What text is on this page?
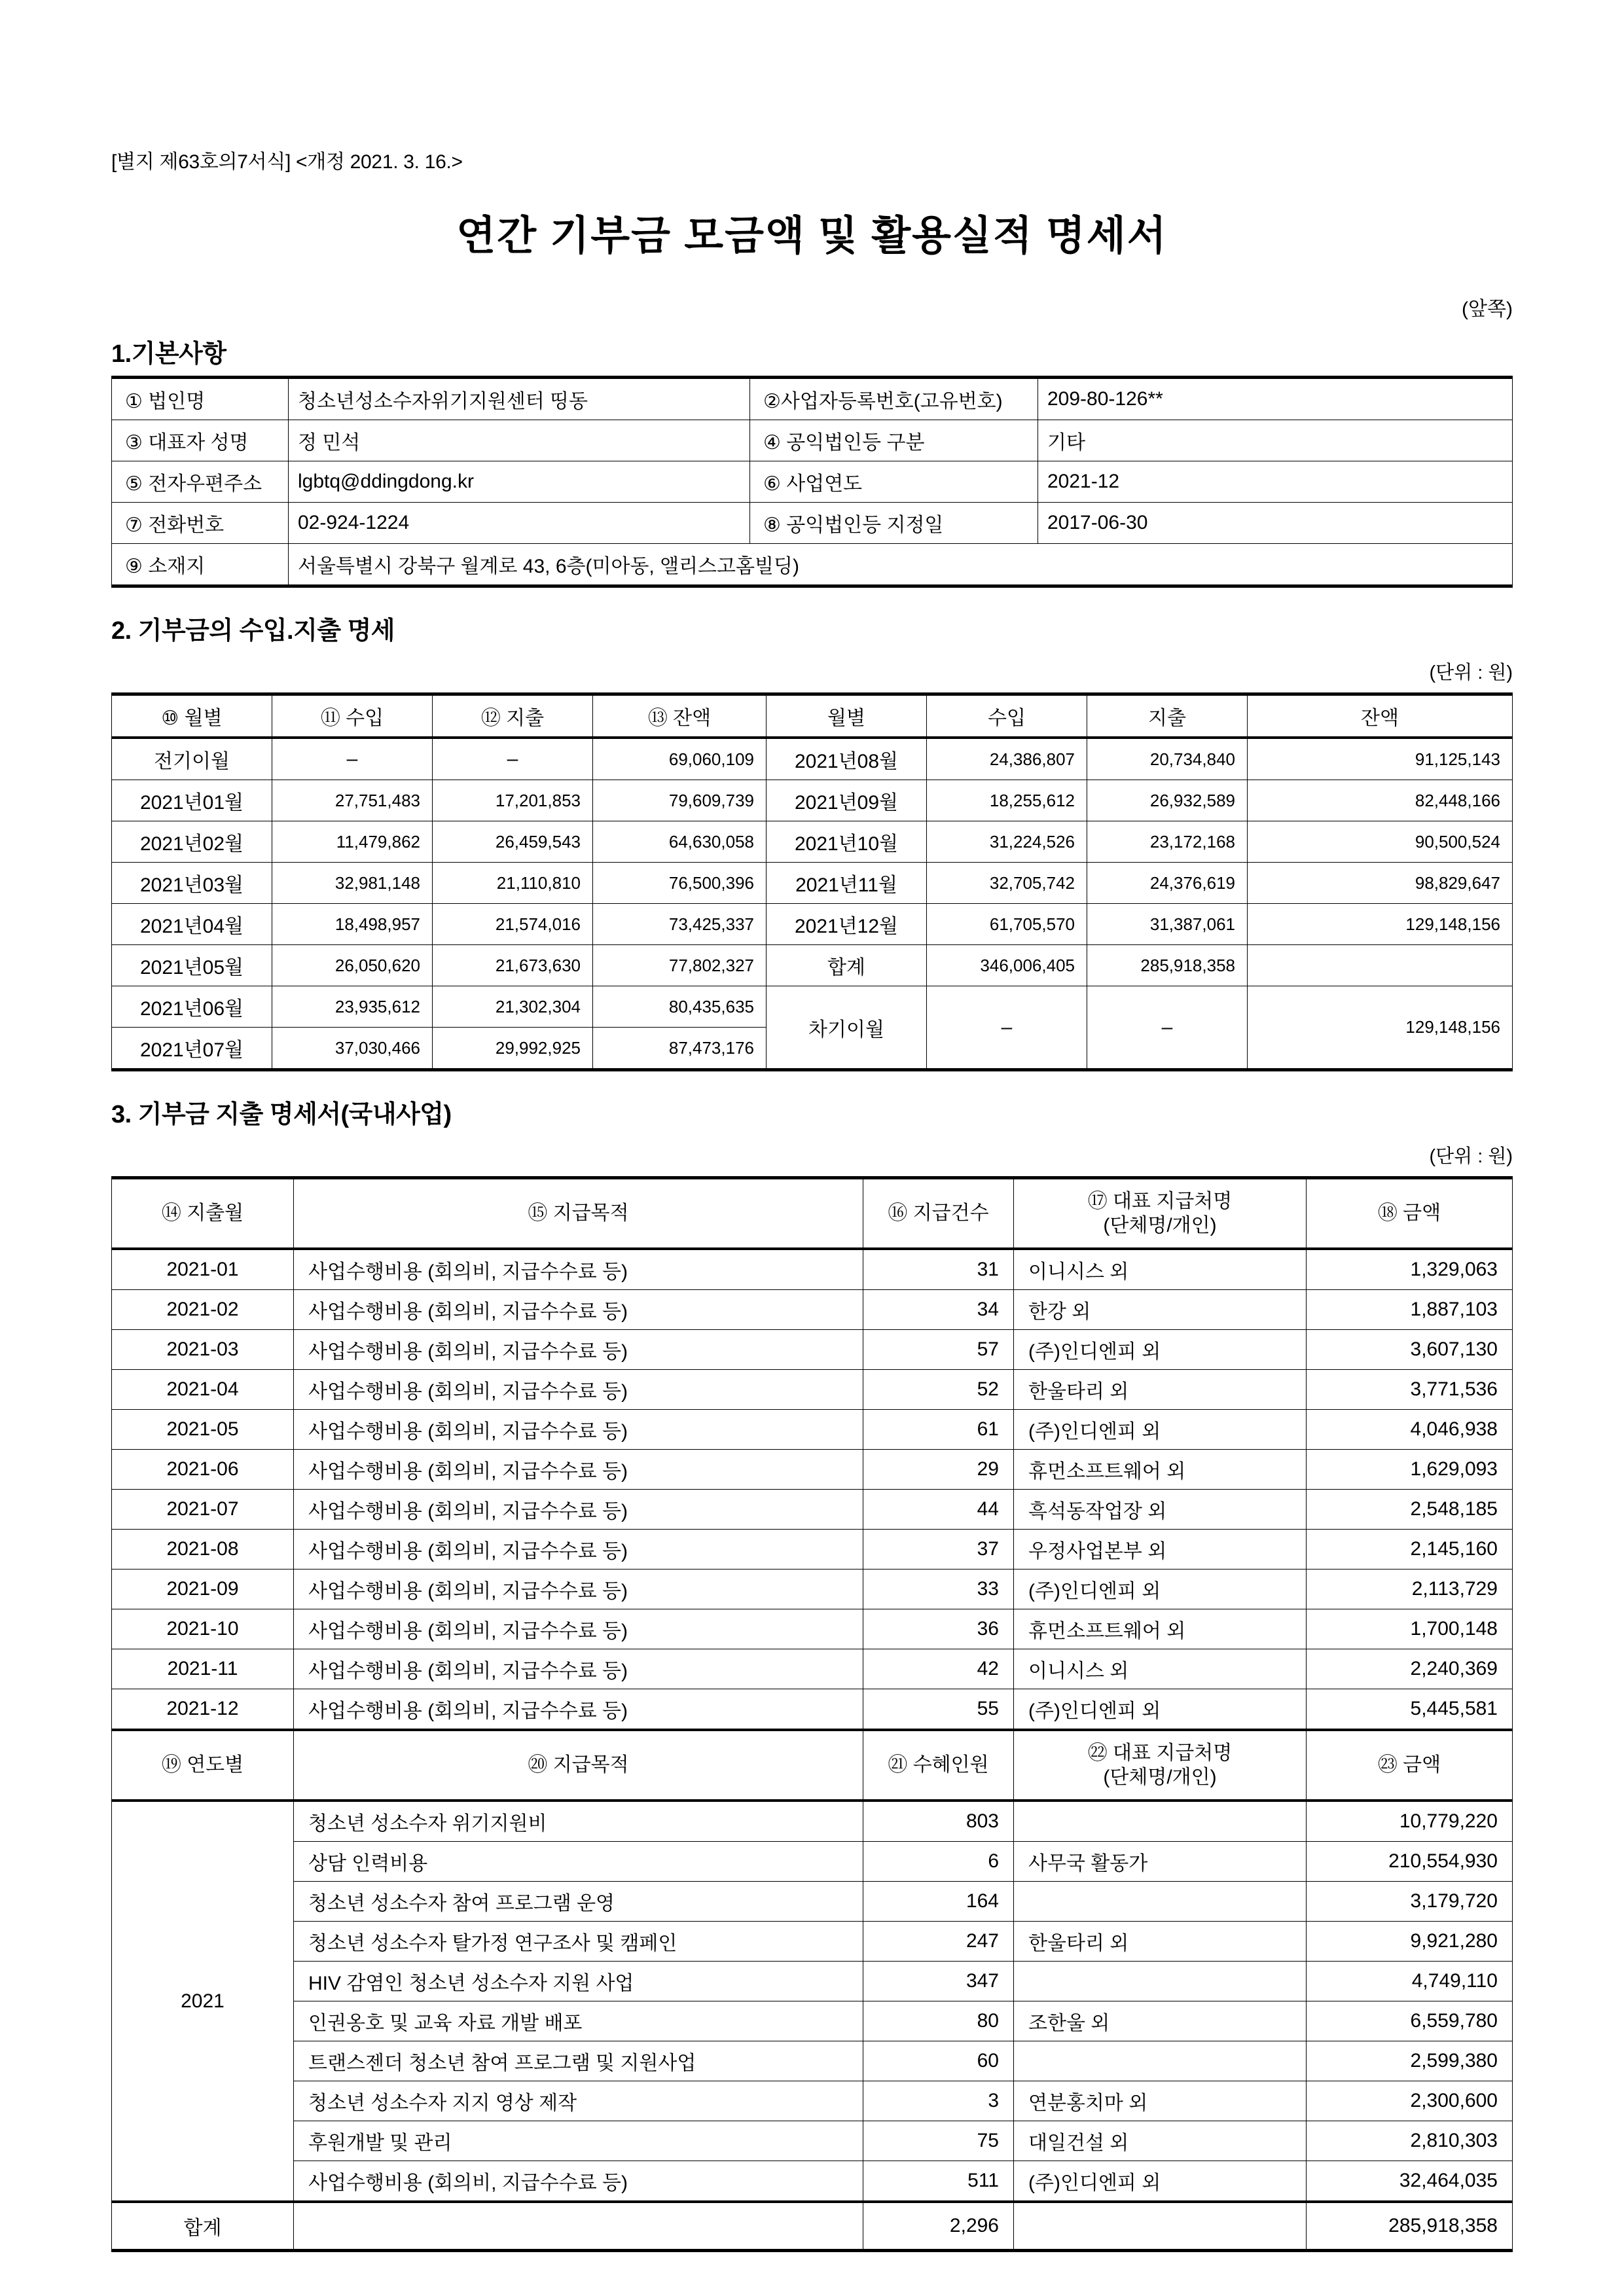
[별지 제63호의7서식] <개정 2021. 3. 16.>
연간 기부금 모금액 및 활용실적 명세서
(앞쪽)
1.기본사항
① 법인명	청소년성소수자위기지원센터 띵동	②사업자등록번호(고유번호)	209-80-126**
③ 대표자 성명	정 민석	④ 공익법인등 구분	기타
⑤ 전자우편주소	lgbtq@ddingdong.kr	⑥ 사업연도	2021-12
⑦ 전화번호	02-924-1224	⑧ 공익법인등 지정일	2017-06-30
⑨ 소재지	서울특별시 강북구 월계로 43, 6층(미아동, 앨리스고홈빌딩)		
2. 기부금의 수입.지출 명세
(단위 : 원)
⑩ 월별	⑪ 수입	⑫ 지출	⑬ 잔액	월별	수입	지출	잔액
전기이월	–	–	69,060,109	2021년08월	24,386,807	20,734,840	91,125,143
2021년01월	27,751,483	17,201,853	79,609,739	2021년09월	18,255,612	26,932,589	82,448,166
2021년02월	11,479,862	26,459,543	64,630,058	2021년10월	31,224,526	23,172,168	90,500,524
2021년03월	32,981,148	21,110,810	76,500,396	2021년11월	32,705,742	24,376,619	98,829,647
2021년04월	18,498,957	21,574,016	73,425,337	2021년12월	61,705,570	31,387,061	129,148,156
2021년05월	26,050,620	21,673,630	77,802,327	합계	346,006,405	285,918,358	
2021년06월	23,935,612	21,302,304	80,435,635	차기이월	–	–	129,148,156
2021년07월	37,030,466	29,992,925	87,473,176				
3. 기부금 지출 명세서(국내사업)
(단위 : 원)
⑭ 지출월	⑮ 지급목적	⑯ 지급건수	⑰ 대표 지급처명
(단체명/개인)	⑱ 금액
2021-01	사업수행비용 (회의비, 지급수수료 등)	31	이니시스 외	1,329,063
2021-02	사업수행비용 (회의비, 지급수수료 등)	34	한강 외	1,887,103
2021-03	사업수행비용 (회의비, 지급수수료 등)	57	(주)인디엔피 외	3,607,130
2021-04	사업수행비용 (회의비, 지급수수료 등)	52	한울타리 외	3,771,536
2021-05	사업수행비용 (회의비, 지급수수료 등)	61	(주)인디엔피 외	4,046,938
2021-06	사업수행비용 (회의비, 지급수수료 등)	29	휴먼소프트웨어 외	1,629,093
2021-07	사업수행비용 (회의비, 지급수수료 등)	44	흑석동작업장 외	2,548,185
2021-08	사업수행비용 (회의비, 지급수수료 등)	37	우정사업본부 외	2,145,160
2021-09	사업수행비용 (회의비, 지급수수료 등)	33	(주)인디엔피 외	2,113,729
2021-10	사업수행비용 (회의비, 지급수수료 등)	36	휴먼소프트웨어 외	1,700,148
2021-11	사업수행비용 (회의비, 지급수수료 등)	42	이니시스 외	2,240,369
2021-12	사업수행비용 (회의비, 지급수수료 등)	55	(주)인디엔피 외	5,445,581
⑲ 연도별	⑳ 지급목적	㉑ 수혜인원	㉒ 대표 지급처명
(단체명/개인)	㉓ 금액
2021	청소년 성소수자 위기지원비	803		10,779,220
	상담 인력비용	6	사무국 활동가	210,554,930
	청소년 성소수자 참여 프로그램 운영	164		3,179,720
	청소년 성소수자 탈가정 연구조사 및 캠페인	247	한울타리 외	9,921,280
	HIV 감염인 청소년 성소수자 지원 사업	347		4,749,110
	인권옹호 및 교육 자료 개발 배포	80	조한울 외	6,559,780
	트랜스젠더 청소년 참여 프로그램 및 지원사업	60		2,599,380
	청소년 성소수자 지지 영상 제작	3	연분홍치마 외	2,300,600
	후원개발 및 관리	75	대일건설 외	2,810,303
	사업수행비용 (회의비, 지급수수료 등)	511	(주)인디엔피 외	32,464,035
합계		2,296		285,918,358
